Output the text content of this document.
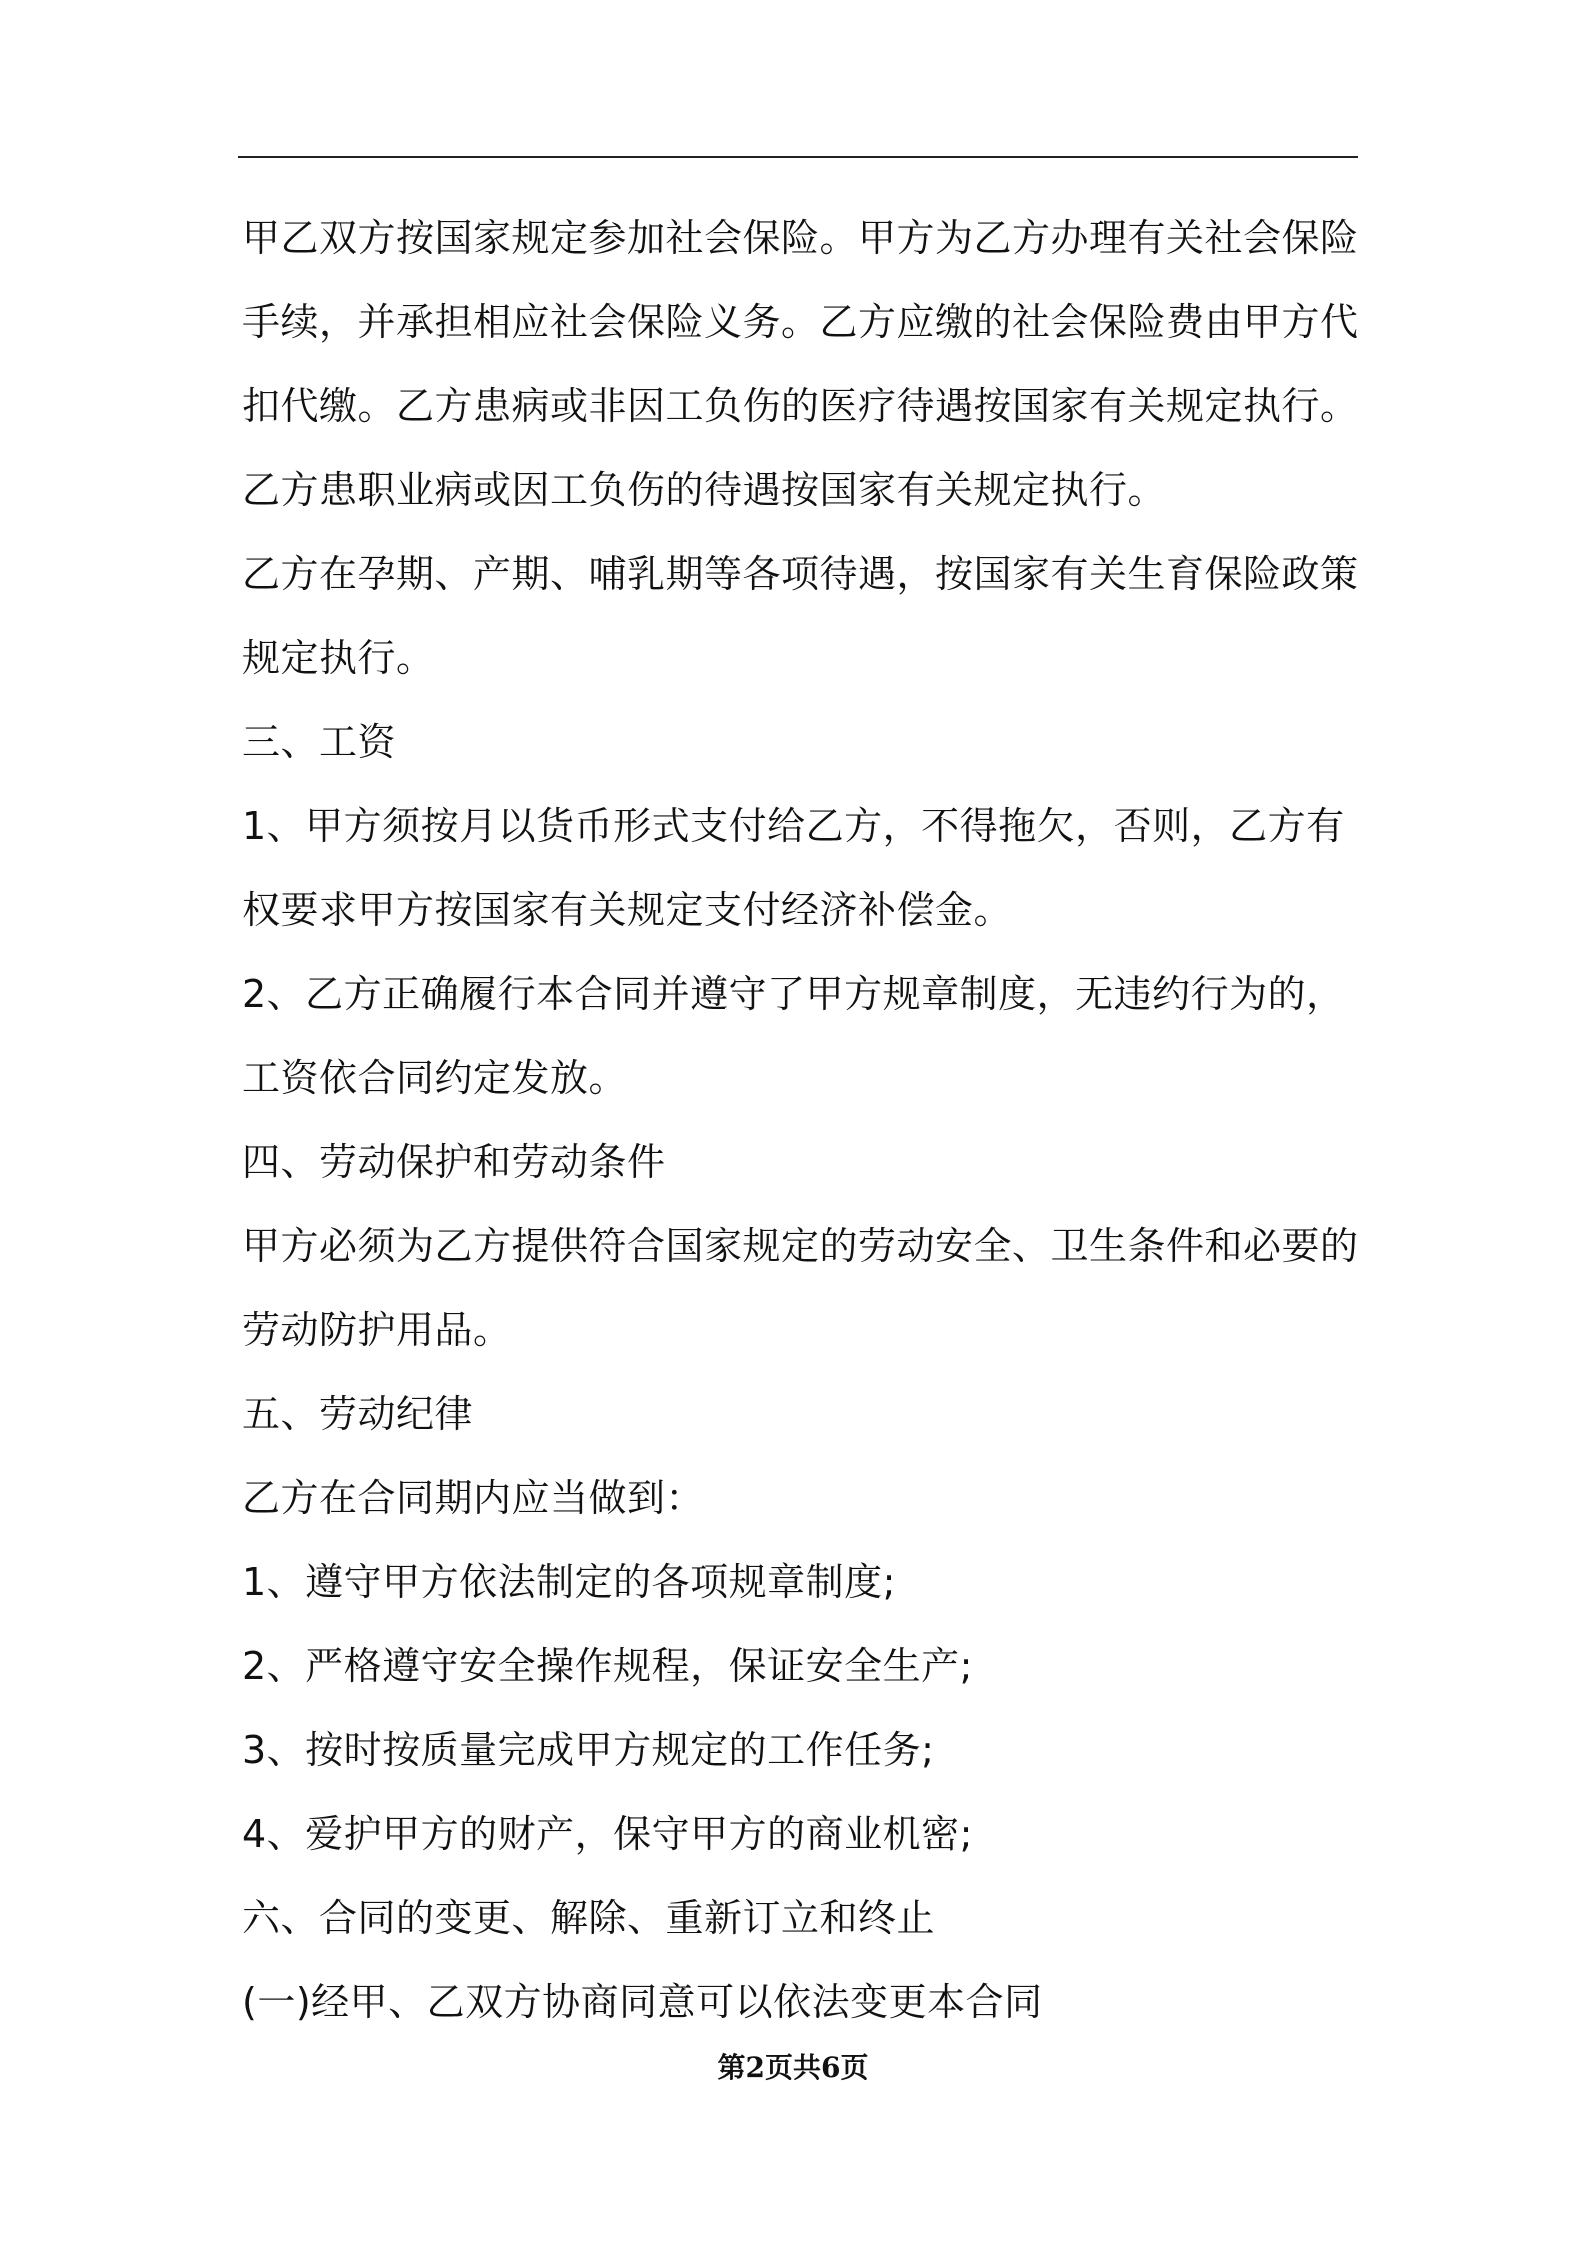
甲乙双方按国家规定参加社会保险。甲方为乙方办理有关社会保险手续，并承担相应社会保险义务。乙方应缴的社会保险费由甲方代扣代缴。乙方患病或非因工负伤的医疗待遇按国家有关规定执行。乙方患职业病或因工负伤的待遇按国家有关规定执行。

乙方在孕期、产期、哺乳期等各项待遇，按国家有关生育保险政策规定执行。

三、工资

1、甲方须按月以货币形式支付给乙方，不得拖欠，否则，乙方有权要求甲方按国家有关规定支付经济补偿金。

2、乙方正确履行本合同并遵守了甲方规章制度，无违约行为的，工资依合同约定发放。

四、劳动保护和劳动条件

甲方必须为乙方提供符合国家规定的劳动安全、卫生条件和必要的劳动防护用品。

五、劳动纪律

乙方在合同期内应当做到：

1、遵守甲方依法制定的各项规章制度;

2、严格遵守安全操作规程，保证安全生产;

3、按时按质量完成甲方规定的工作任务;

4、爱护甲方的财产，保守甲方的商业机密;

六、合同的变更、解除、重新订立和终止

(一)经甲、乙双方协商同意可以依法变更本合同

第2页共6页
